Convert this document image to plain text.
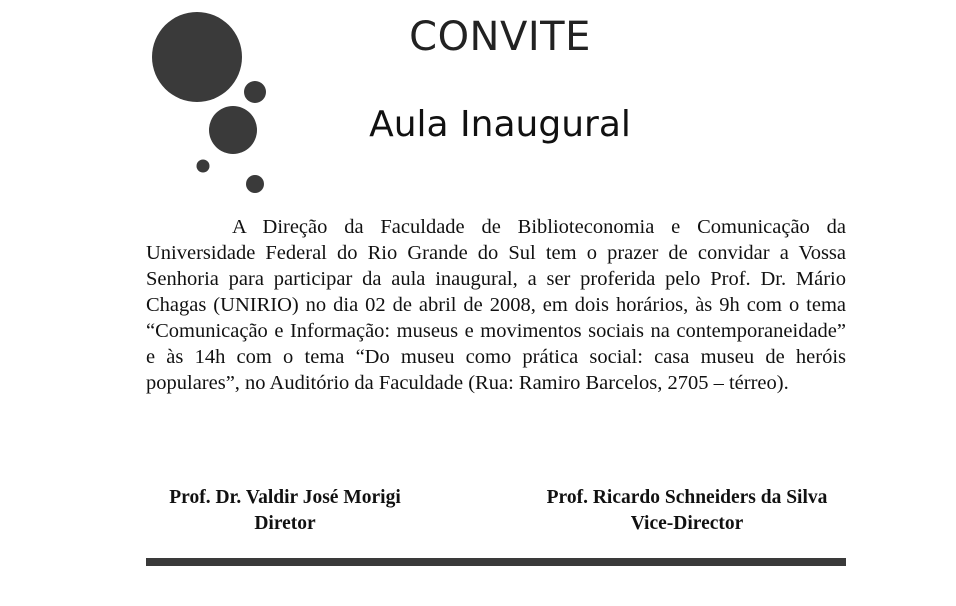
CONVITE
Aula Inaugural

A Direção da Faculdade de Biblioteconomia e Comunicação da Universidade Federal do Rio Grande do Sul tem o prazer de convidar a Vossa Senhoria para participar da aula inaugural, a ser proferida pelo Prof. Dr. Mário Chagas (UNIRIO) no dia 02 de abril de 2008, em dois horários, às 9h com o tema “Comunicação e Informação: museus e movimentos sociais na contemporaneidade” e às 14h com o tema “Do museu como prática social: casa museu de heróis populares”, no Auditório da Faculdade (Rua: Ramiro Barcelos, 2705 – térreo).

Prof. Dr. Valdir José Morigi
Diretor
Prof. Ricardo Schneiders da Silva
Vice-Director
